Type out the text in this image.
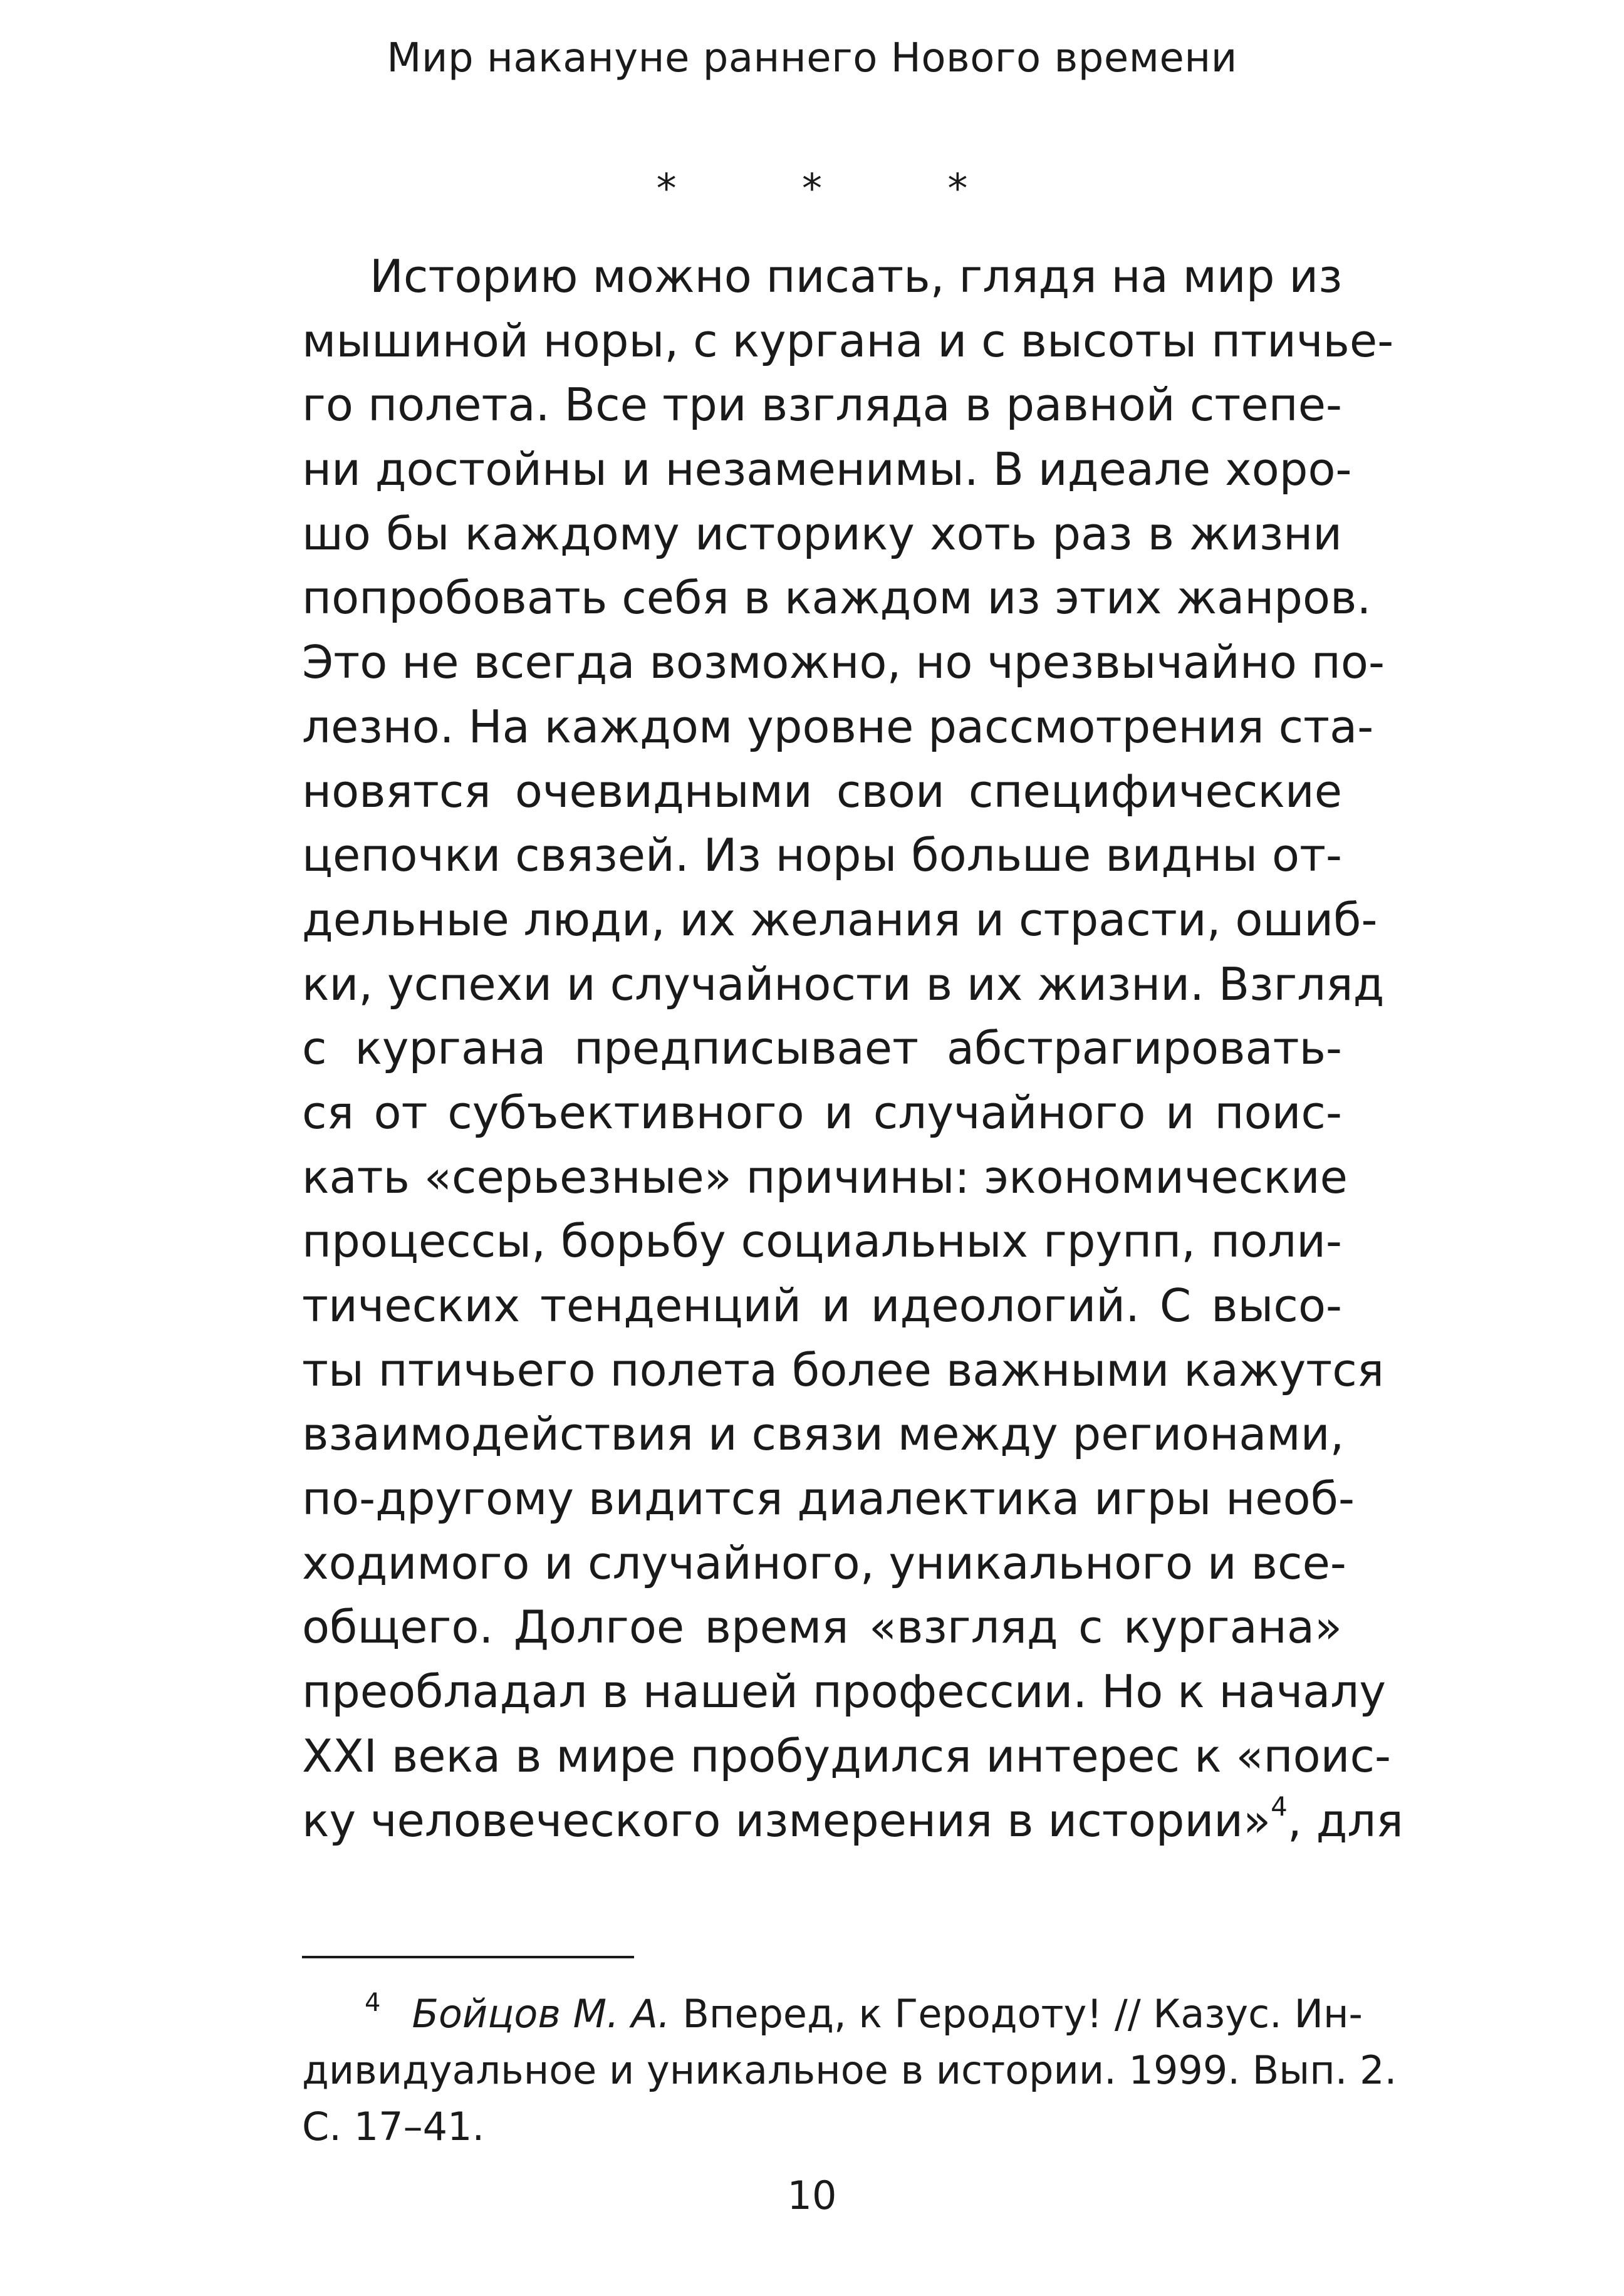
Мир накануне раннего Нового времени
* * *
Историю можно писать, глядя на мир из
мышиной норы, с кургана и с высоты птичье-
го полета. Все три взгляда в равной степе-
ни достойны и незаменимы. В идеале хоро-
шо бы каждому историку хоть раз в жизни
попробовать себя в каждом из этих жанров.
Это не всегда возможно, но чрезвычайно по-
лезно. На каждом уровне рассмотрения ста-
новятся очевидными свои специфические
цепочки связей. Из норы больше видны от-
дельные люди, их желания и страсти, ошиб-
ки, успехи и случайности в их жизни. Взгляд
с кургана предписывает абстрагировать-
ся от субъективного и случайного и поис-
кать «серьезные» причины: экономические
процессы, борьбу социальных групп, поли-
тических тенденций и идеологий. С высо-
ты птичьего полета более важными кажутся
взаимодействия и связи между регионами,
по-другому видится диалектика игры необ-
ходимого и случайного, уникального и все-
общего. Долгое время «взгляд с кургана»
преобладал в нашей профессии. Но к началу
XXI века в мире пробудился интерес к «поис-
ку человеческого измерения в истории»$^4$, для
$^4$ Бойцов М. А. Вперед, к Геродоту! // Казус. Ин-
дивидуальное и уникальное в истории. 1999. Вып. 2.
С. 17–41.
10
